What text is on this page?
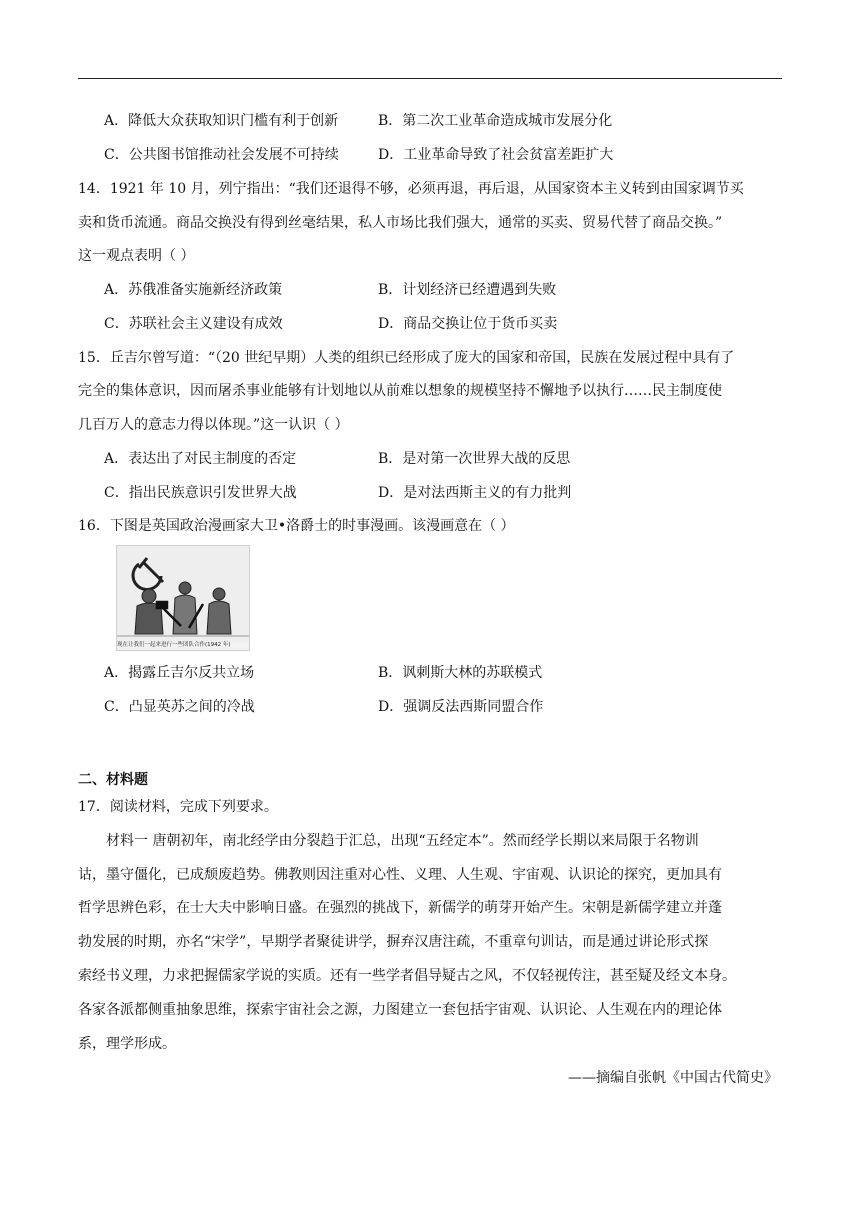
A．降低大众获取知识门槛有利于创新	B．第二次工业革命造成城市发展分化
C．公共图书馆推动社会发展不可持续	D．工业革命导致了社会贫富差距扩大
14．1921 年 10 月，列宁指出：“我们还退得不够，必须再退，再后退，从国家资本主义转到由国家调节买
卖和货币流通。商品交换没有得到丝毫结果，私人市场比我们强大，通常的买卖、贸易代替了商品交换。”
这一观点表明（ ）
A．苏俄准备实施新经济政策	B．计划经济已经遭遇到失败
C．苏联社会主义建设有成效	D．商品交换让位于货币买卖
15．丘吉尔曾写道：“（20 世纪早期）人类的组织已经形成了庞大的国家和帝国，民族在发展过程中具有了
完全的集体意识，因而屠杀事业能够有计划地以从前难以想象的规模坚持不懈地予以执行……民主制度使
几百万人的意志力得以体现。”这一认识（ ）
A．表达出了对民主制度的否定	B．是对第一次世界大战的反思
C．指出民族意识引发世界大战	D．是对法西斯主义的有力批判
16．下图是英国政治漫画家大卫•洛爵士的时事漫画。该漫画意在（ ）
现在让我们一起来进行一些团队合作(1942 年)
A．揭露丘吉尔反共立场	B．讽刺斯大林的苏联模式
C．凸显英苏之间的冷战	D．强调反法西斯同盟合作
二、材料题
17．阅读材料，完成下列要求。
材料一 唐朝初年，南北经学由分裂趋于汇总，出现“五经定本”。然而经学长期以来局限于名物训
诂，墨守僵化，已成颓废趋势。佛教则因注重对心性、义理、人生观、宇宙观、认识论的探究，更加具有
哲学思辨色彩，在士大夫中影响日盛。在强烈的挑战下，新儒学的萌芽开始产生。宋朝是新儒学建立并蓬
勃发展的时期，亦名“宋学”，早期学者聚徒讲学，摒弃汉唐注疏，不重章句训诂，而是通过讲论形式探
索经书义理，力求把握儒家学说的实质。还有一些学者倡导疑古之风，不仅轻视传注，甚至疑及经文本身。
各家各派都侧重抽象思维，探索宇宙社会之源，力图建立一套包括宇宙观、认识论、人生观在内的理论体
系，理学形成。
——摘编自张帆《中国古代简史》
